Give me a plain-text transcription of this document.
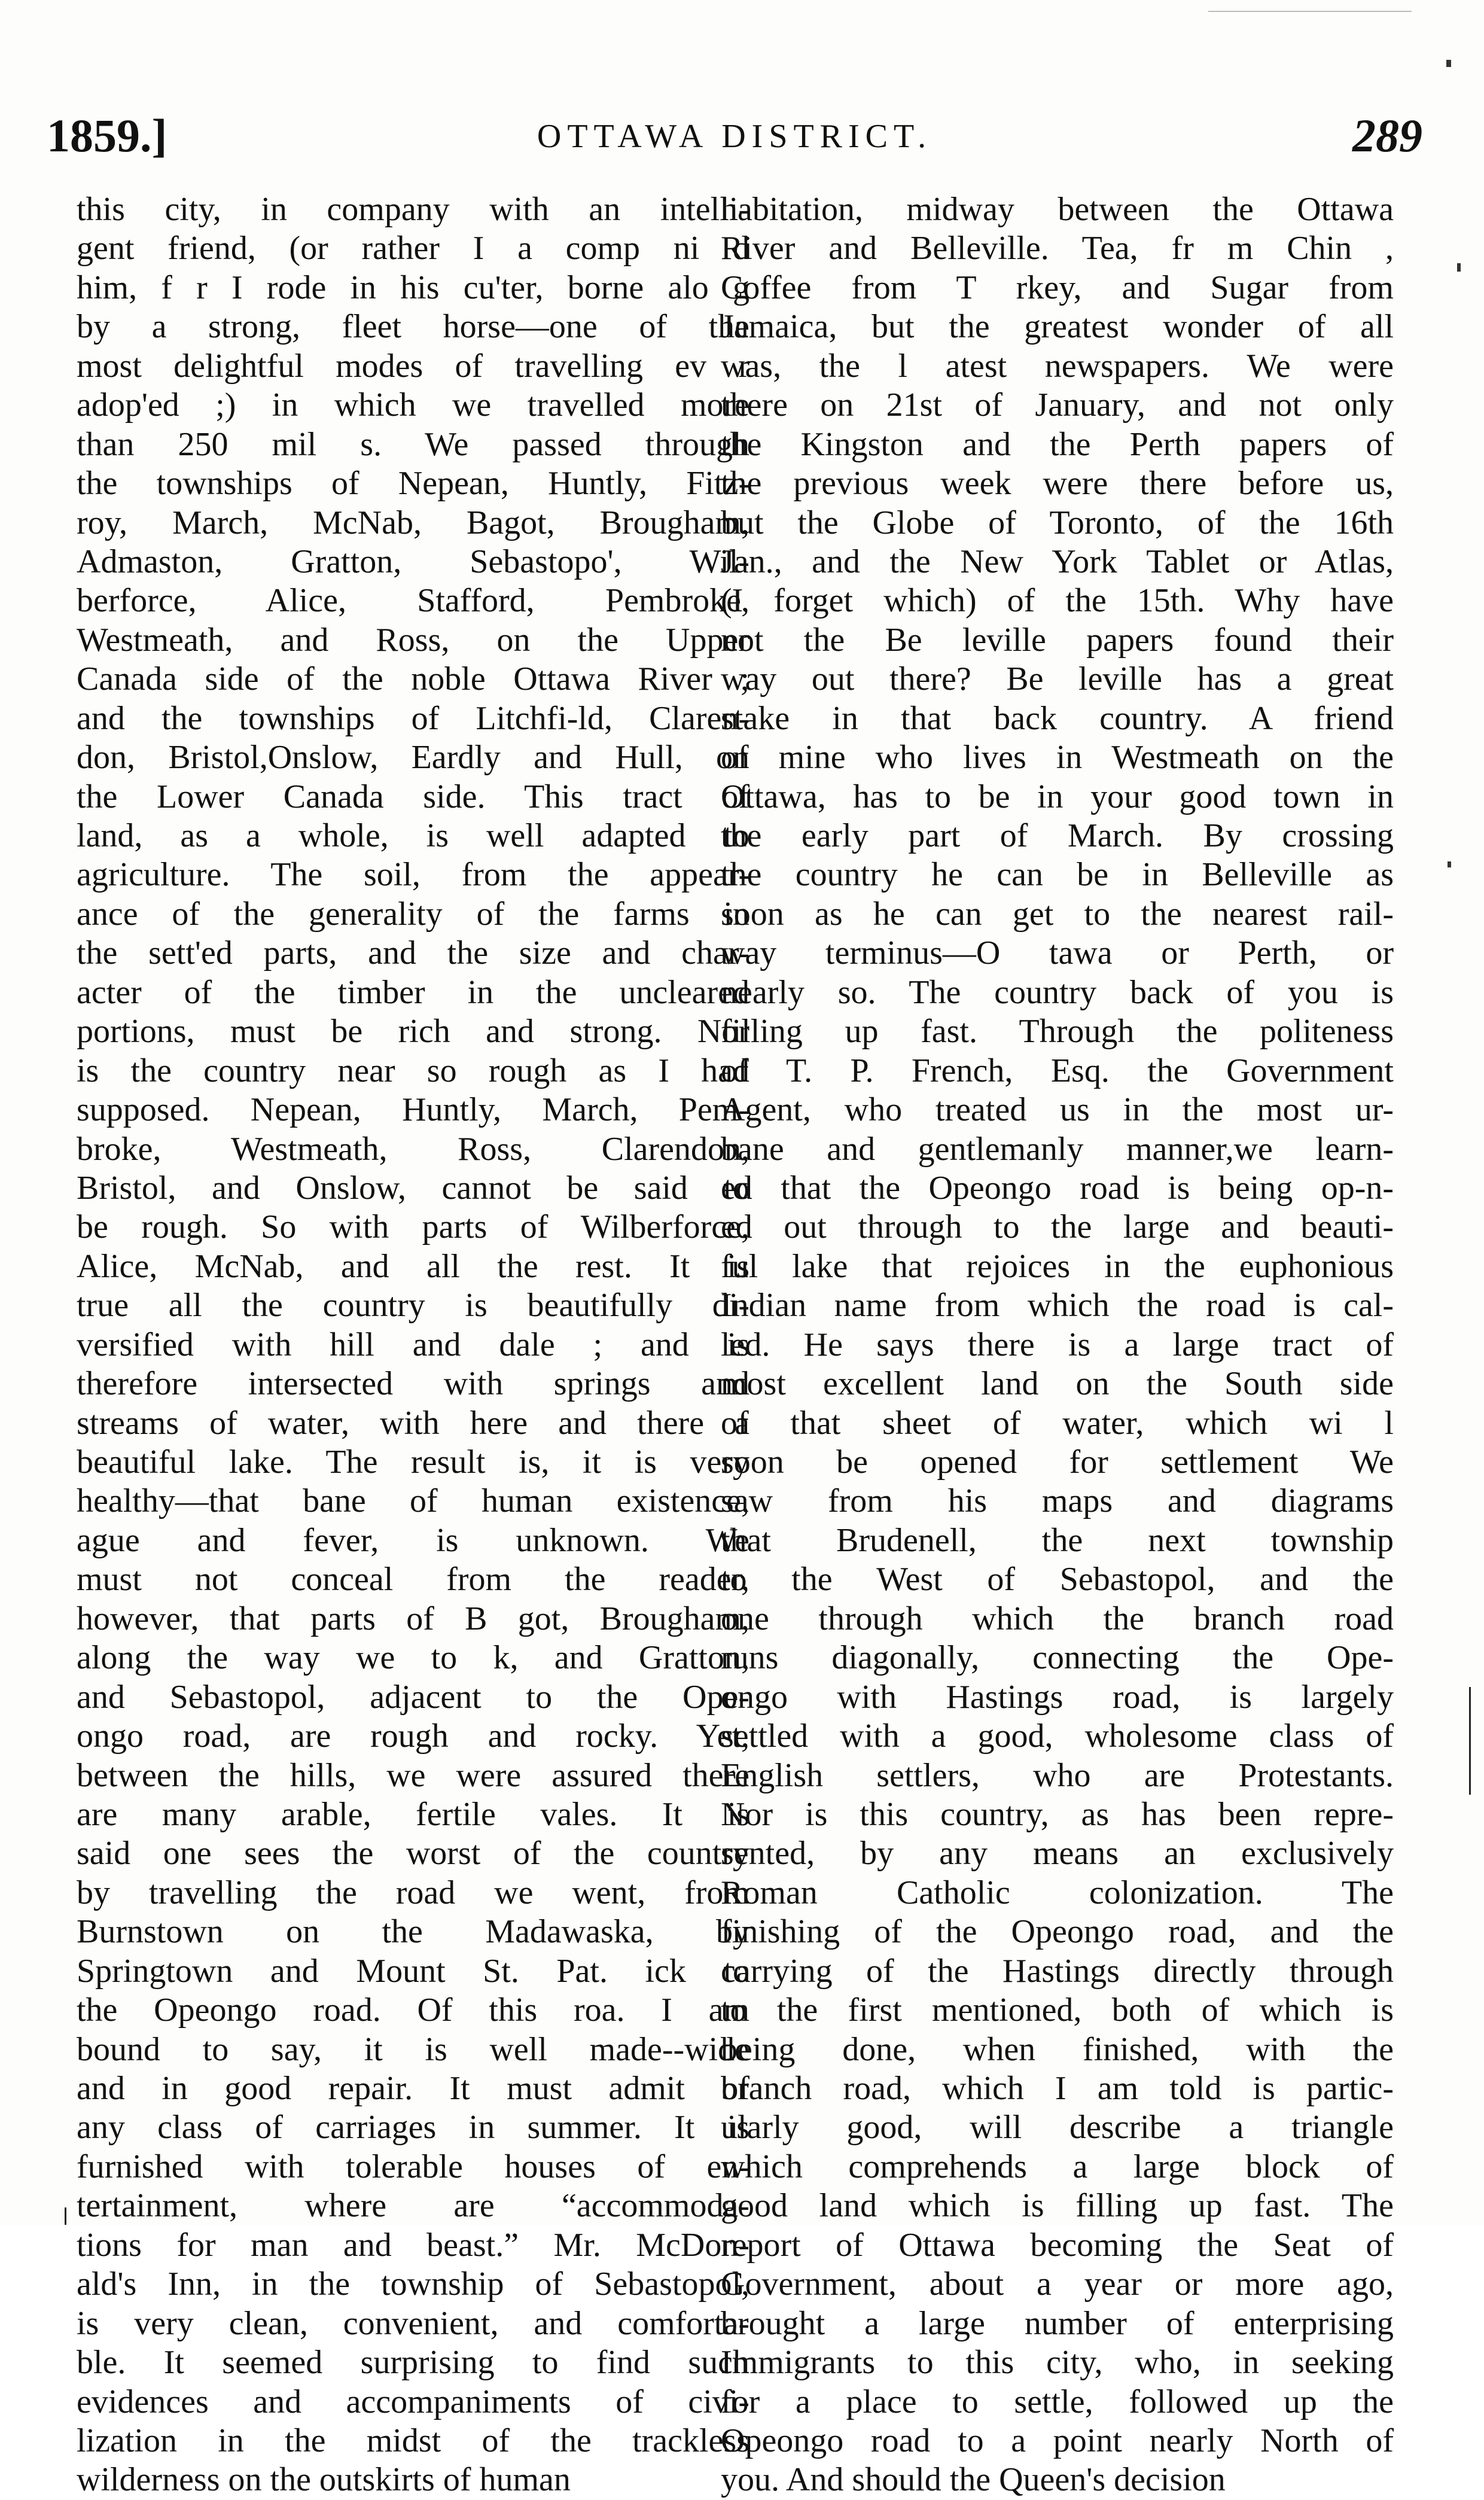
1859.]	OTTAWA DISTRICT.	289
this city, in company with an intelli-
gent friend, (or rather I a comp ni d
him, f r I rode in his cu'ter, borne alo g
by a strong, fleet horse—one of the
most delightful modes of travelling ev r
adop'ed ;) in which we travelled more
than 250 mil s. We passed through
the townships of Nepean, Huntly, Fitz-
roy, March, McNab, Bagot, Brougham,
Admaston, Gratton, Sebastopo', Wil-
berforce, Alice, Stafford, Pembroke,
Westmeath, and Ross, on the Upper
Canada side of the noble Ottawa River ;
and the townships of Litchfi-ld, Claren-
don, Bristol,Onslow, Eardly and Hull, on
the Lower Canada side. This tract of
land, as a whole, is well adapted to
agriculture. The soil, from the appear-
ance of the generality of the farms in
the sett'ed parts, and the size and char-
acter of the timber in the uncleared
portions, must be rich and strong. Nor
is the country near so rough as I had
supposed. Nepean, Huntly, March, Pem-
broke, Westmeath, Ross, Clarendon,
Bristol, and Onslow, cannot be said to
be rough. So with parts of Wilberforce,
Alice, McNab, and all the rest. It is
true all the country is beautifully di-
versified with hill and dale ; and is
therefore intersected with springs and
streams of water, with here and there a
beautiful lake. The result is, it is very
healthy—that bane of human existence,
ague and fever, is unknown. We
must not conceal from the reader,
however, that parts of B got, Brougham,
along the way we to k, and Gratton,
and Sebastopol, adjacent to the Ope-
ongo road, are rough and rocky. Yet,
between the hills, we were assured there
are many arable, fertile vales. It is
said one sees the worst of the country
by travelling the road we went, from
Burnstown on the Madawaska, by
Springtown and Mount St. Pat. ick to
the Opeongo road. Of this roa. I am
bound to say, it is well made--wide
and in good repair. It must admit of
any class of carriages in summer. It is
furnished with tolerable houses of en-
tertainment, where are “accommoda-
tions for man and beast.” Mr. McDon-
ald's Inn, in the township of Sebastopol,
is very clean, convenient, and comforta-
ble. It seemed surprising to find such
evidences and accompaniments of civi-
lization in the midst of the trackless
wilderness on the outskirts of human
habitation, midway between the Ottawa
River and Belleville. Tea, fr m Chin ,
Coffee from T rkey, and Sugar from
Jamaica, but the greatest wonder of all
was, the l atest newspapers. We were
there on 21st of January, and not only
the Kingston and the Perth papers of
the previous week were there before us,
but the Globe of Toronto, of the 16th
Jan., and the New York Tablet or Atlas,
(I forget which) of the 15th. Why have
not the Be leville papers found their
way out there? Be leville has a great
stake in that back country. A friend
of mine who lives in Westmeath on the
Ottawa, has to be in your good town in
the early part of March. By crossing
the country he can be in Belleville as
soon as he can get to the nearest rail-
way terminus—O tawa or Perth, or
nearly so. The country back of you is
filling up fast. Through the politeness
of T. P. French, Esq. the Government
Agent, who treated us in the most ur-
bane and gentlemanly manner,we learn-
ed that the Opeongo road is being op-n-
ed out through to the large and beauti-
ful lake that rejoices in the euphonious
Indian name from which the road is cal-
led. He says there is a large tract of
most excellent land on the South side
of that sheet of water, which wi l
soon be opened for settlement We
saw from his maps and diagrams
that Brudenell, the next township
to the West of Sebastopol, and the
one through which the branch road
runs diagonally, connecting the Ope-
ongo with Hastings road, is largely
settled with a good, wholesome class of
English settlers, who are Protestants.
Nor is this country, as has been repre-
sented, by any means an exclusively
Roman Catholic colonization. The
finishing of the Opeongo road, and the
carrying of the Hastings directly through
to the first mentioned, both of which is
being done, when finished, with the
branch road, which I am told is partic-
ularly good, will describe a triangle
which comprehends a large block of
good land which is filling up fast. The
report of Ottawa becoming the Seat of
Government, about a year or more ago,
brought a large number of enterprising
Immigrants to this city, who, in seeking
for a place to settle, followed up the
Opeongo road to a point nearly North of
you. And should the Queen's decision
